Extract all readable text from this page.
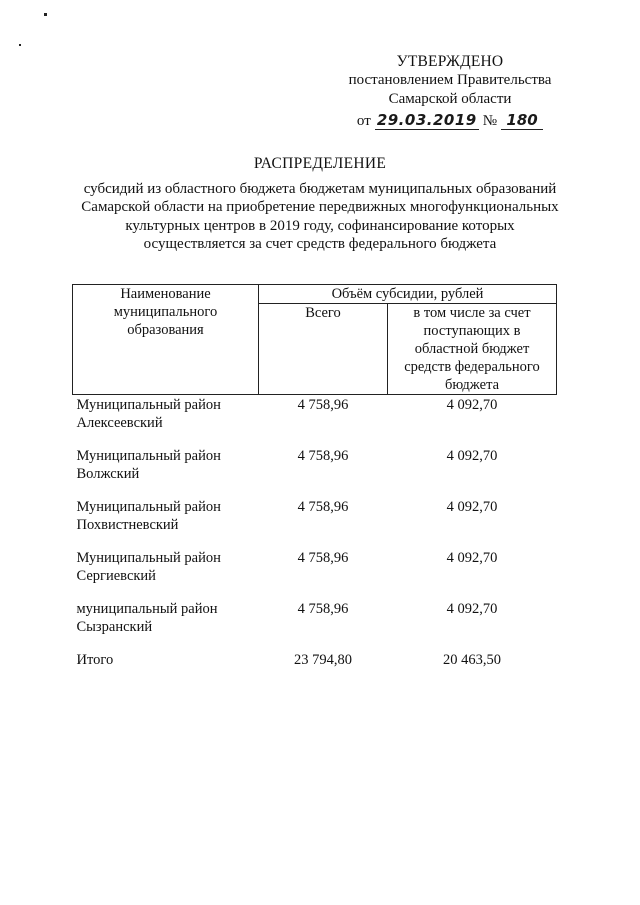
УТВЕРЖДЕНО
постановлением Правительства
Самарской области
от 29.03.2019 № 180
РАСПРЕДЕЛЕНИЕ
субсидий из областного бюджета бюджетам муниципальных образований
Самарской области на приобретение передвижных многофункциональных
культурных центров в 2019 году, софинансирование которых
осуществляется за счет средств федерального бюджета
Наименование
муниципального
образования	Объём субсидии, рублей	
	Всего	в том числе за счет
поступающих в
областной бюджет
средств федерального
бюджета

Муниципальный район
Алексеевский	4 758,96	4 092,70

Муниципальный район
Волжский	4 758,96	4 092,70

Муниципальный район
Похвистневский	4 758,96	4 092,70

Муниципальный район
Сергиевский	4 758,96	4 092,70

муниципальный район
Сызранский	4 758,96	4 092,70
Итого	23 794,80	20 463,50
